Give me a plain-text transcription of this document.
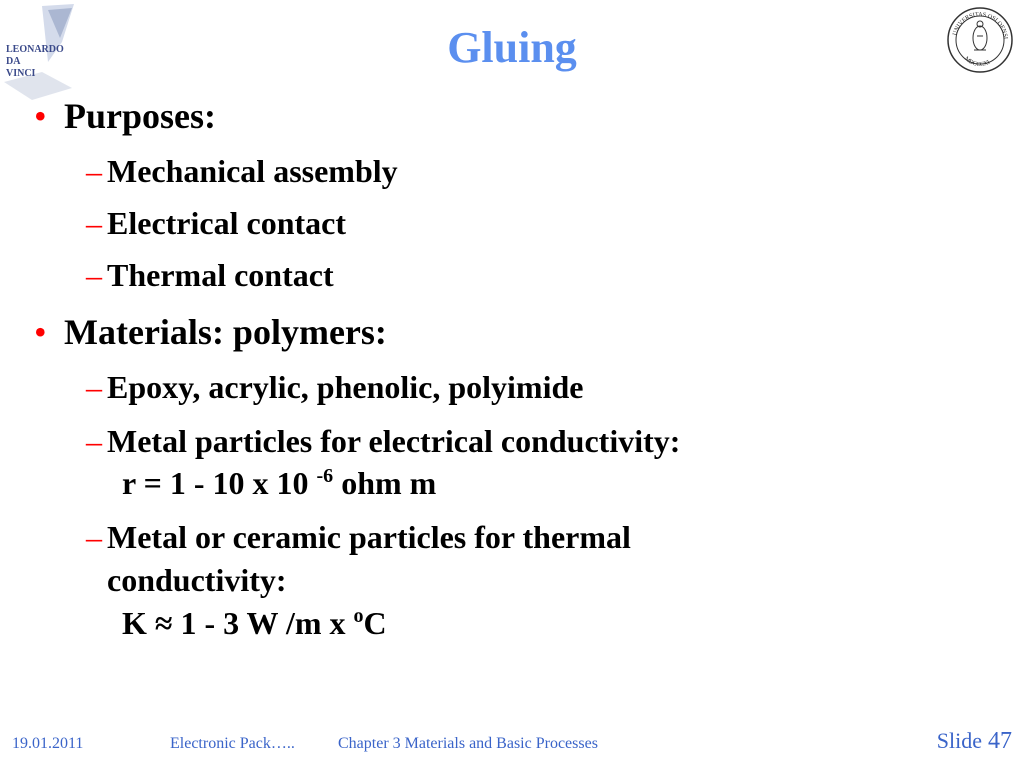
LEONARDO
DA
VINCI
UNIVERSITAS OSLOENSI
MDCCCXI
Gluing
• Purposes:
– Mechanical assembly
– Electrical contact
– Thermal contact
• Materials: polymers:
– Epoxy, acrylic, phenolic, polyimide
– Metal particles for electrical conductivity:
r = 1 - 10 x 10 $^{-6}$ ohm m
– Metal or ceramic particles for thermal
conductivity:
K ≈ 1 - 3 W /m x $^o$C
19.01.2011	Electronic Pack…..	Chapter 3 Materials and Basic Processes	Slide 47
